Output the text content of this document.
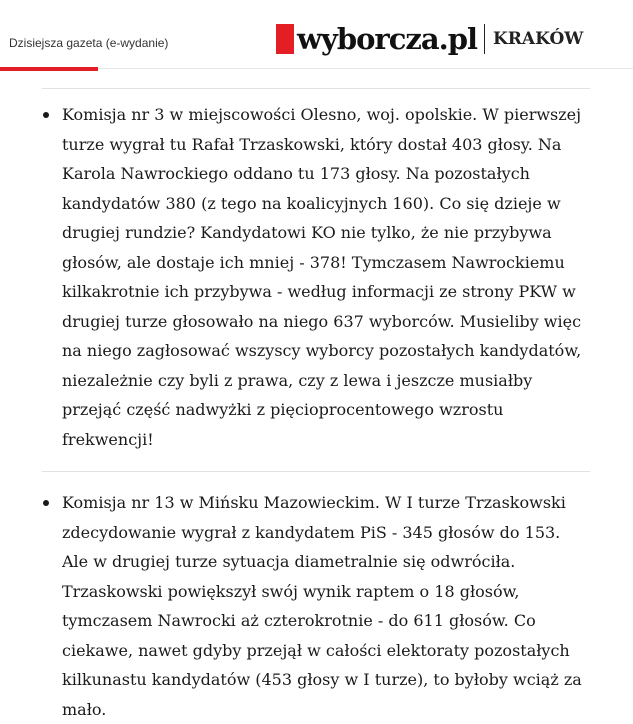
Dzisiejsza gazeta (e-wydanie)	wyborcza.pl KRAKÓW
Komisja nr 3 w miejscowości Olesno, woj. opolskie. W pierwszej turze wygrał tu Rafał Trzaskowski, który dostał 403 głosy. Na Karola Nawrockiego oddano tu 173 głosy. Na pozostałych kandydatów 380 (z tego na koalicyjnych 160). Co się dzieje w drugiej rundzie? Kandydatowi KO nie tylko, że nie przybywa głosów, ale dostaje ich mniej - 378! Tymczasem Nawrockiemu kilkakrotnie ich przybywa - według informacji ze strony PKW w drugiej turze głosowało na niego 637 wyborców. Musieliby więc na niego zagłosować wszyscy wyborcy pozostałych kandydatów, niezależnie czy byli z prawa, czy z lewa i jeszcze musiałby przejąć część nadwyżki z pięcioprocentowego wzrostu frekwencji!
Komisja nr 13 w Mińsku Mazowieckim. W I turze Trzaskowski zdecydowanie wygrał z kandydatem PiS - 345 głosów do 153. Ale w drugiej turze sytuacja diametralnie się odwróciła. Trzaskowski powiększył swój wynik raptem o 18 głosów, tymczasem Nawrocki aż czterokrotnie - do 611 głosów. Co ciekawe, nawet gdyby przejął w całości elektoraty pozostałych kilkunastu kandydatów (453 głosy w I turze), to byłoby wciąż za mało.
